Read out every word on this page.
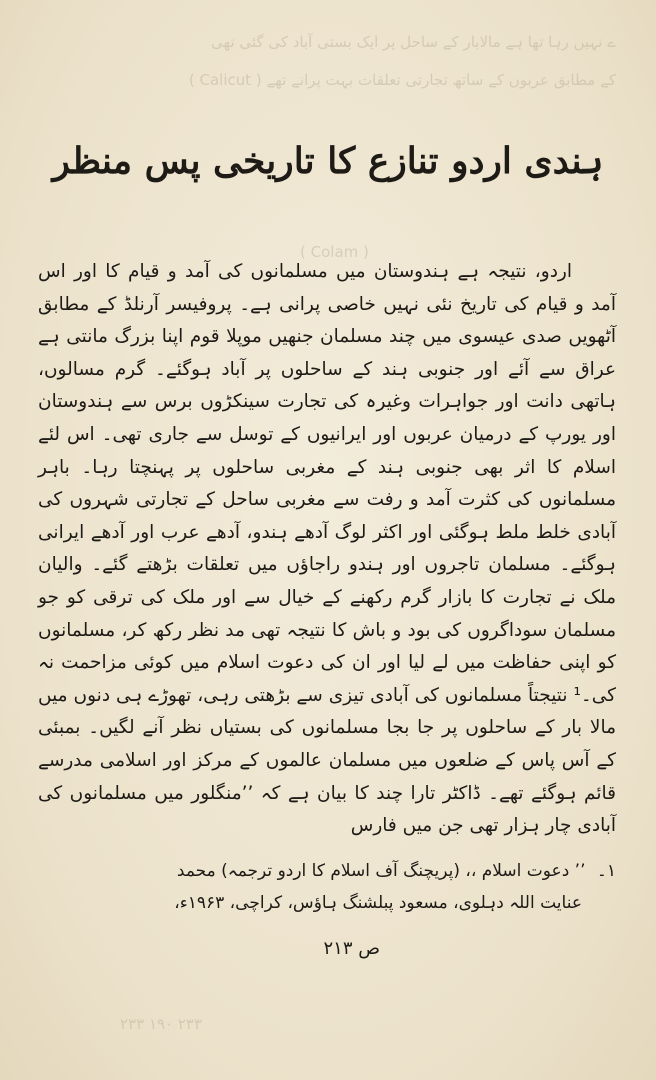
ے نہیں رہا تھا ہے مالابار کے ساحل پر ایک بستی آباد کی گئی تھی
کے مطابق عربوں کے ساتھ تجارتی تعلقات بہت پرانے تھے ( Calicut )
( Colam )
۲۳۳ ۱۹۰ ۲۳۳
ہندی اردو تنازع کا تاریخی پس منظر

اردو، نتیجہ ہے ہندوستان میں مسلمانوں کی آمد و قیام کا اور اس آمد و قیام کی تاریخ نئی نہیں خاصی پرانی ہے۔ پروفیسر آرنلڈ کے مطابق آٹھویں صدی عیسوی میں چند مسلمان جنھیں موپلا قوم اپنا بزرگ مانتی ہے عراق سے آئے اور جنوبی ہند کے ساحلوں پر آباد ہوگئے۔ گرم مسالوں، ہاتھی دانت اور جواہرات وغیرہ کی تجارت سینکڑوں برس سے ہندوستان اور یورپ کے درمیان عربوں اور ایرانیوں کے توسل سے جاری تھی۔ اس لئے اسلام کا اثر بھی جنوبی ہند کے مغربی ساحلوں پر پہنچتا رہا۔ باہر مسلمانوں کی کثرت آمد و رفت سے مغربی ساحل کے تجارتی شہروں کی آبادی خلط ملط ہوگئی اور اکثر لوگ آدھے ہندو، آدھے عرب اور آدھے ایرانی ہوگئے۔ مسلمان تاجروں اور ہندو راجاؤں میں تعلقات بڑھتے گئے۔ والیان ملک نے تجارت کا بازار گرم رکھنے کے خیال سے اور ملک کی ترقی کو جو مسلمان سوداگروں کی بود و باش کا نتیجہ تھی مد نظر رکھ کر، مسلمانوں کو اپنی حفاظت میں لے لیا اور ان کی دعوت اسلام میں کوئی مزاحمت نہ کی۔¹ نتیجتاً مسلمانوں کی آبادی تیزی سے بڑھتی رہی، تھوڑے ہی دنوں میں مالا بار کے ساحلوں پر جا بجا مسلمانوں کی بستیاں نظر آنے لگیں۔ بمبئی کے آس پاس کے ضلعوں میں مسلمان عالموں کے مرکز اور اسلامی مدرسے قائم ہوگئے تھے۔ ڈاکٹر تارا چند کا بیان ہے کہ ’’منگلور میں مسلمانوں کی آبادی چار ہزار تھی جن میں فارس

۱۔ ’’ دعوت اسلام ،، (پریچنگ آف اسلام کا اردو ترجمہ) محمد
عنایت اللہ دہلوی، مسعود پبلشنگ ہاؤس، کراچی، ۱۹۶۳ء،
ص ۲۱۳
